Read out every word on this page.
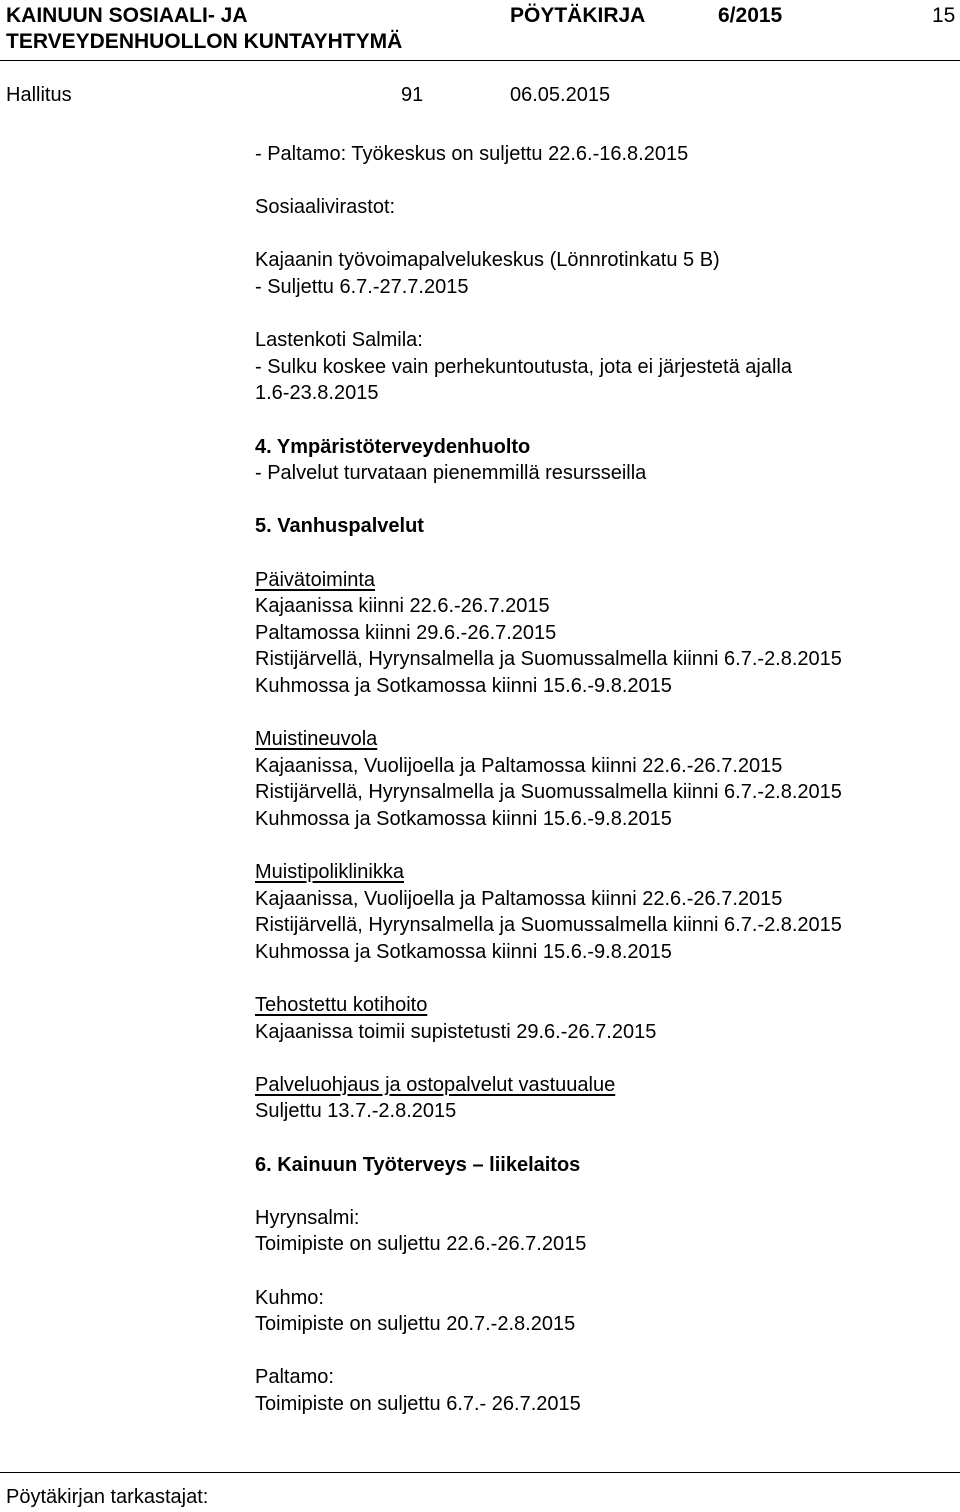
KAINUUN SOSIAALI- JA
TERVEYDENHUOLLON KUNTAYHTYMÄ
PÖYTÄKIRJA	6/2015	15
Hallitus	91	06.05.2015
- Paltamo: Työkeskus on suljettu 22.6.-16.8.2015
Sosiaalivirastot:
Kajaanin työvoimapalvelukeskus (Lönnrotinkatu 5 B)
- Suljettu 6.7.-27.7.2015
Lastenkoti Salmila:
- Sulku koskee vain perhekuntoutusta, jota ei järjestetä ajalla
1.6-23.8.2015
4. Ympäristöterveydenhuolto
- Palvelut turvataan pienemmillä resursseilla
5. Vanhuspalvelut
Päivätoiminta
Kajaanissa kiinni 22.6.-26.7.2015
Paltamossa kiinni 29.6.-26.7.2015
Ristijärvellä, Hyrynsalmella ja Suomussalmella kiinni 6.7.-2.8.2015
Kuhmossa ja Sotkamossa kiinni 15.6.-9.8.2015
Muistineuvola
Kajaanissa, Vuolijoella ja Paltamossa kiinni 22.6.-26.7.2015
Ristijärvellä, Hyrynsalmella ja Suomussalmella kiinni 6.7.-2.8.2015
Kuhmossa ja Sotkamossa kiinni 15.6.-9.8.2015
Muistipoliklinikka
Kajaanissa, Vuolijoella ja Paltamossa kiinni 22.6.-26.7.2015
Ristijärvellä, Hyrynsalmella ja Suomussalmella kiinni 6.7.-2.8.2015
Kuhmossa ja Sotkamossa kiinni 15.6.-9.8.2015
Tehostettu kotihoito
Kajaanissa toimii supistetusti 29.6.-26.7.2015
Palveluohjaus ja ostopalvelut vastuualue
Suljettu 13.7.-2.8.2015
6. Kainuun Työterveys – liikelaitos
Hyrynsalmi:
Toimipiste on suljettu 22.6.-26.7.2015
Kuhmo:
Toimipiste on suljettu 20.7.-2.8.2015
Paltamo:
Toimipiste on suljettu 6.7.- 26.7.2015
Pöytäkirjan tarkastajat:
